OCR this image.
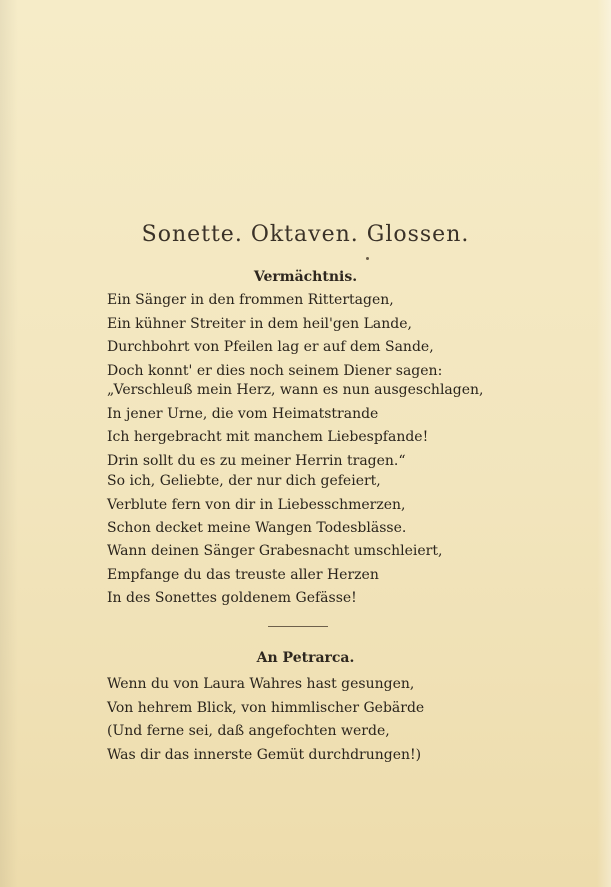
Sonette. Oktaven. Glossen.
Vermächtnis.
Ein Sänger in den frommen Rittertagen,
Ein kühner Streiter in dem heil'gen Lande,
Durchbohrt von Pfeilen lag er auf dem Sande,
Doch konnt' er dies noch seinem Diener sagen:
„Verschleuß mein Herz, wann es nun ausgeschlagen,
In jener Urne, die vom Heimatstrande
Ich hergebracht mit manchem Liebespfande!
Drin sollt du es zu meiner Herrin tragen.“
So ich, Geliebte, der nur dich gefeiert,
Verblute fern von dir in Liebesschmerzen,
Schon decket meine Wangen Todesblässe.
Wann deinen Sänger Grabesnacht umschleiert,
Empfange du das treuste aller Herzen
In des Sonettes goldenem Gefässe!
An Petrarca.
Wenn du von Laura Wahres hast gesungen,
Von hehrem Blick, von himmlischer Gebärde
(Und ferne sei, daß angefochten werde,
Was dir das innerste Gemüt durchdrungen!)
